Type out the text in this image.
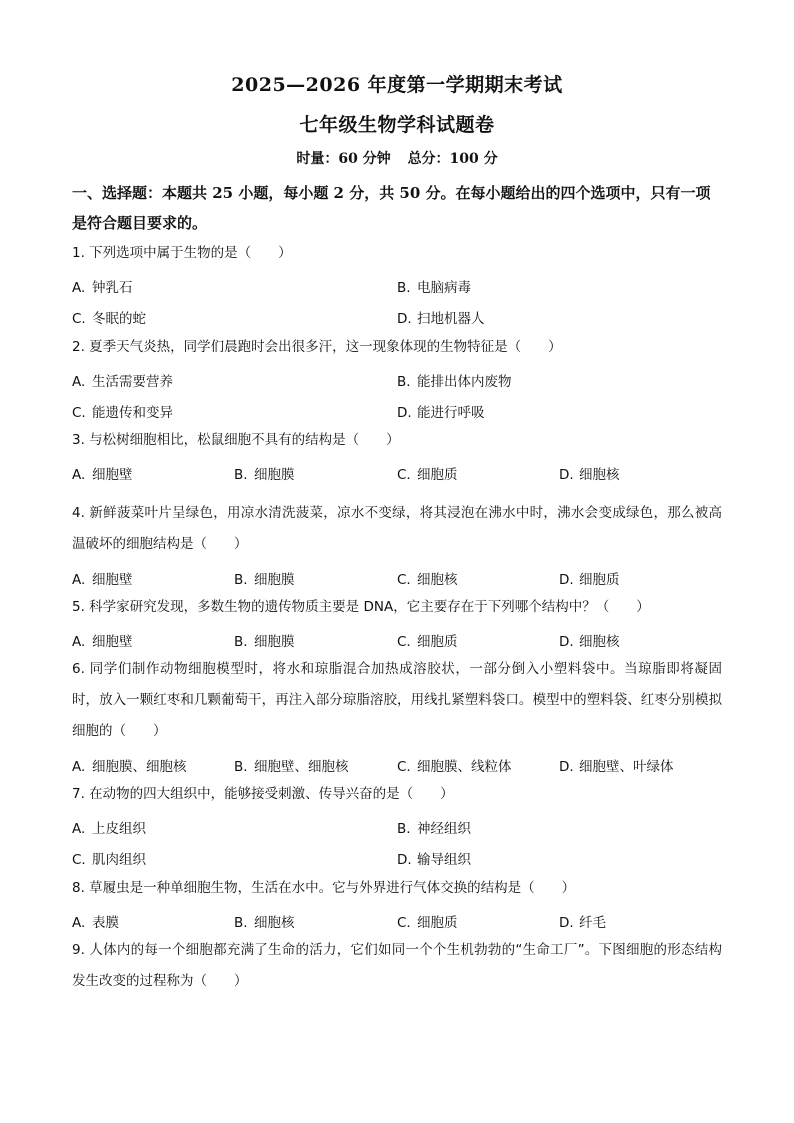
2025—2026 年度第一学期期末考试
七年级生物学科试题卷
时量：60 分钟 总分：100 分
一、选择题：本题共 25 小题，每小题 2 分，共 50 分。在每小题给出的四个选项中，只有一项是符合题目要求的。
1. 下列选项中属于生物的是（　　）
A. 钟乳石	B. 电脑病毒
C. 冬眠的蛇	D. 扫地机器人
2. 夏季天气炎热，同学们晨跑时会出很多汗，这一现象体现的生物特征是（　　）
A. 生活需要营养	B. 能排出体内废物
C. 能遗传和变异	D. 能进行呼吸
3. 与松树细胞相比，松鼠细胞不具有的结构是（　　）
A. 细胞壁	B. 细胞膜	C. 细胞质	D. 细胞核
4. 新鲜菠菜叶片呈绿色，用凉水清洗菠菜，凉水不变绿，将其浸泡在沸水中时，沸水会变成绿色，那么被高温破坏的细胞结构是（　　）
A. 细胞壁	B. 细胞膜	C. 细胞核	D. 细胞质
5. 科学家研究发现，多数生物的遗传物质主要是 DNA，它主要存在于下列哪个结构中？（　　）
A. 细胞壁	B. 细胞膜	C. 细胞质	D. 细胞核
6. 同学们制作动物细胞模型时，将水和琼脂混合加热成溶胶状，一部分倒入小塑料袋中。当琼脂即将凝固时，放入一颗红枣和几颗葡萄干，再注入部分琼脂溶胶，用线扎紧塑料袋口。模型中的塑料袋、红枣分别模拟细胞的（　　）
A. 细胞膜、细胞核	B. 细胞壁、细胞核	C. 细胞膜、线粒体	D. 细胞壁、叶绿体
7. 在动物的四大组织中，能够接受刺激、传导兴奋的是（　　）
A. 上皮组织	B. 神经组织
C. 肌肉组织	D. 输导组织
8. 草履虫是一种单细胞生物，生活在水中。它与外界进行气体交换的结构是（　　）
A. 表膜	B. 细胞核	C. 细胞质	D. 纤毛
9. 人体内的每一个细胞都充满了生命的活力，它们如同一个个生机勃勃的“生命工厂”。下图细胞的形态结构发生改变的过程称为（　　）
